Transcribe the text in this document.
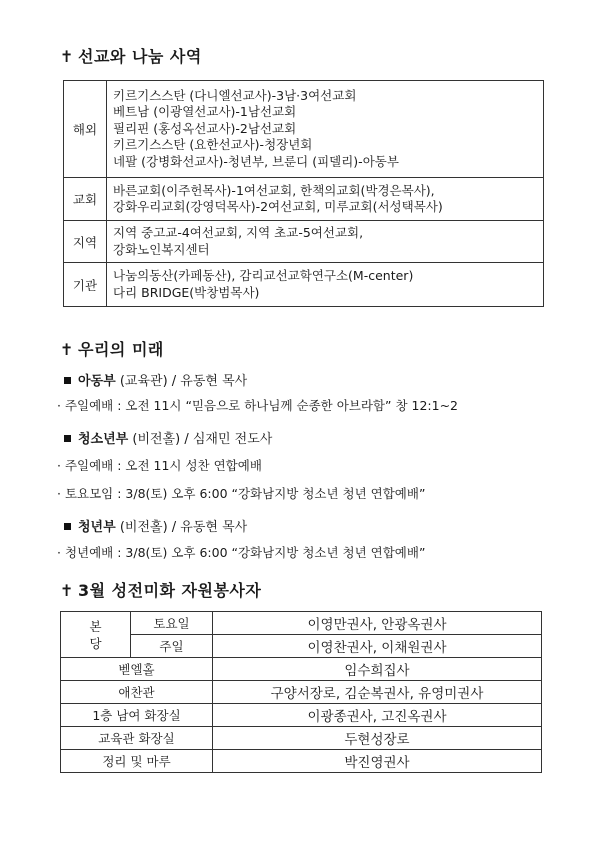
✝ 선교와 나눔 사역
해외	키르기스스탄 (다니엘선교사)-3남·3여선교회
베트남 (이광열선교사)-1남선교회
필리핀 (홍성옥선교사)-2남선교회
키르기스스탄 (요한선교사)-청장년회
네팔 (강병화선교사)-청년부, 브룬디 (피델리)-아동부

교회	바른교회(이주헌목사)-1여선교회, 한책의교회(박경은목사),
강화우리교회(강영덕목사)-2여선교회, 미루교회(서성택목사)

지역	지역 중고교-4여선교회, 지역 초교-5여선교회,
강화노인복지센터

기관	나눔의동산(카페동산), 감리교선교학연구소(M-center)
다리 BRIDGE(박창범목사)
✝ 우리의 미래
아동부 (교육관) / 유동현 목사
· 주일예배 : 오전 11시 “믿음으로 하나님께 순종한 아브라함” 창 12:1~2
청소년부 (비전홀) / 심재민 전도사
· 주일예배 : 오전 11시 성찬 연합예배
· 토요모임 : 3/8(토) 오후 6:00 “강화남지방 청소년 청년 연합예배”
청년부 (비전홀) / 유동현 목사
· 청년예배 : 3/8(토) 오후 6:00 “강화남지방 청소년 청년 연합예배”
✝ 3월 성전미화 자원봉사자
본
당	토요일	이영만권사, 안광옥권사
	주일	이영찬권사, 이채원권사
벧엘홀		임수희집사
애찬관		구양서장로, 김순복권사, 유영미권사
1층 남여 화장실		이광종권사, 고진옥권사
교육관 화장실		두현성장로
정리 및 마루		박진영권사
